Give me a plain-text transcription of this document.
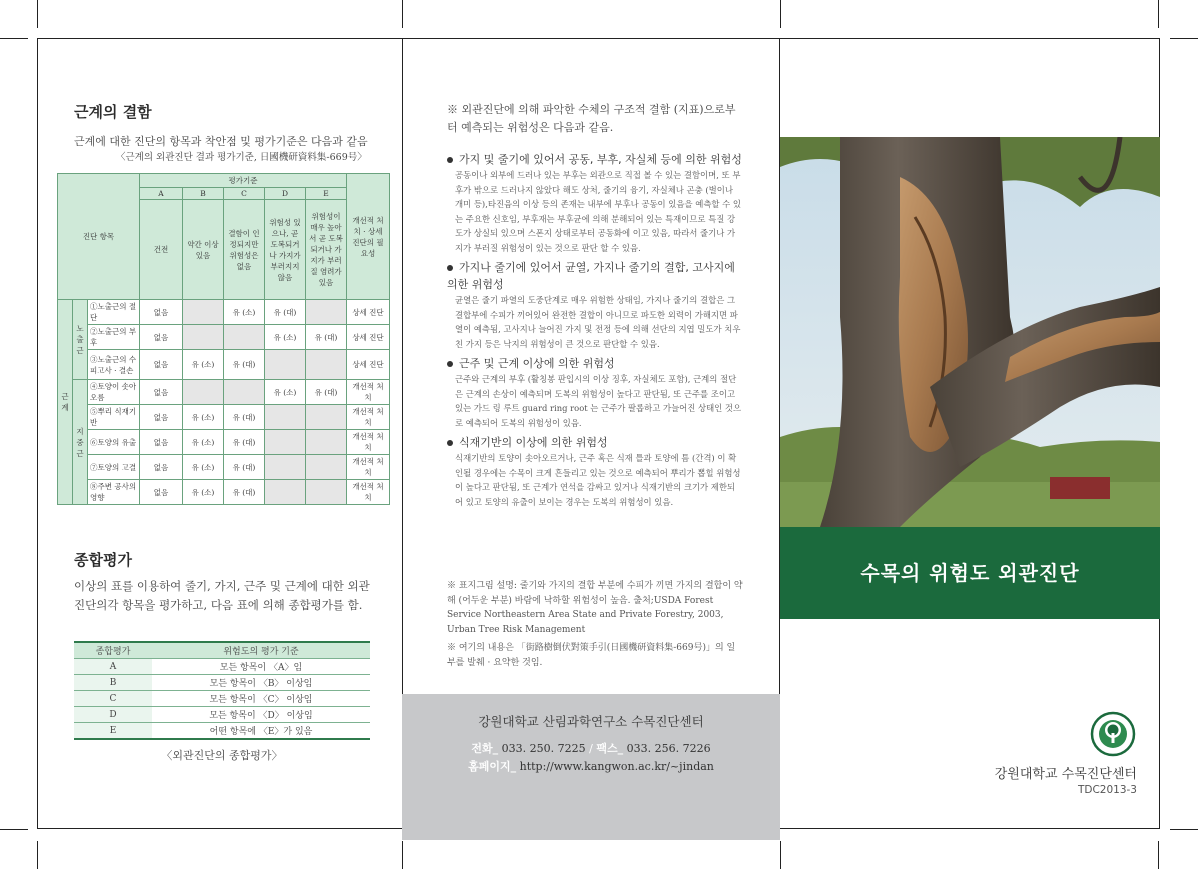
근계의 결함
근계에 대한 진단의 항목과 착안점 및 평가기준은 다음과 같음
〈근계의 외관진단 결과 평가기준, 日國機研資料集-669号〉
진단 항목			평가기준					개선적 처치 · 상세 진단의 필요성
			A	B	C	D	E	
			건전	약간 이상 있음	결함이 인정되지만 위험성은 없음	위험성 있으나, 곧 도복되거나 가지가 부러지지 않음	위험성이 매우 높아서 곧 도복되거나 가지가 부러질 염려가 있음	
근계	노출근	①노출근의 절단	없음		유 (소)	유 (대)		상세 진단
		②노출근의 부후	없음			유 (소)	유 (대)	상세 진단
		③노출근의 수피고사 · 결손	없음	유 (소)	유 (대)			상세 진단
	지중근	④토양이 솟아오름	없음			유 (소)	유 (대)	개선적 처치
		⑤뿌리 식재기반	없음	유 (소)	유 (대)			개선적 처치
		⑥토양의 유출	없음	유 (소)	유 (대)			개선적 처치
		⑦토양의 고결	없음	유 (소)	유 (대)			개선적 처치
		⑧주변 공사의 영향	없음	유 (소)	유 (대)			개선적 처치
종합평가
이상의 표를 이용하여 줄기, 가지, 근주 및 근계에 대한 외관 진단의각 항목을 평가하고, 다음 표에 의해 종합평가를 함.
종합평가	위험도의 평가 기준
A	모든 항목이 〈A〉임
B	모든 항목이 〈B〉 이상임
C	모든 항목이 〈C〉 이상임
D	모든 항목이 〈D〉 이상임
E	어떤 항목에 〈E〉가 있음
〈외관진단의 종합평가〉
※ 외관진단에 의해 파악한 수체의 구조적 결함 (지표)으로부터 예측되는 위험성은 다음과 같음.
가지 및 줄기에 있어서 공동, 부후, 자실체 등에 의한 위험성
공동이나 외부에 드러나 있는 부후는 외관으로 직접 볼 수 있는 결함이며, 또 부후가 밖으로 드러나지 않았다 해도 상처, 줄기의 융기, 자실체나 곤충 (벌이나 개미 등),타진음의 이상 등의 존재는 내부에 부후나 공동이 있음을 예측할 수 있는 주요한 신호임, 부후재는 부후균에 의해 분해되어 있는 특재이므로 특질 강도가 상실되 있으며 스폰지 상태로부터 공동화에 이고 있음, 따라서 줄기나 가지가 부러질 위험성이 있는 것으로 판단 할 수 있음.
가지나 줄기에 있어서 균열, 가지나 줄기의 결합, 고사지에 의한 위험성
균열은 줄기 파열의 도중단계로 매우 위험한 상태임, 가지나 줄기의 결합은 그 결합부에 수피가 끼어있어 완전한 결합이 아니므로 파도한 외력이 가해지면 파열이 예측됨, 고사지나 늘어진 가지 및 전정 등에 의해 선단의 지엽 밀도가 치우친 가지 등은 낙지의 위험성이 큰 것으로 판단할 수 있음.
근주 및 근계 이상에 의한 위험성
근주와 근계의 부후 (활칭봉 판입시의 이상 징후, 자실체도 포함), 근계의 절단은 근계의 손상이 예측되며 도복의 위험성이 높다고 판단됨, 또 근주를 조이고 있는 가드 링 루트 guard ring root 는 근주가 팔롭하고 가늘어진 상태인 것으로 예측되어 도복의 위험성이 있음.
식재기반의 이상에 의한 위험성
식재기반의 토양이 솟아오르거나, 근주 혹은 식재 틀과 토양에 틈 (간격) 이 확인될 경우에는 수목이 크게 흔들리고 있는 것으로 예측되어 뿌리가 뽑힐 위험성이 높다고 판단됨, 또 근계가 연석을 감싸고 있거나 식재기반의 크기가 제한되어 있고 토양의 유출이 보이는 경우는 도복의 위험성이 있음.
※ 표지그림 설명: 줄기와 가지의 결합 부분에 수피가 끼면 가지의 결합이 약해 (어두운 부분) 바람에 낙하할 위험성이 높음. 출처;USDA Forest Service Northeastern Area State and Private Forestry, 2003, Urban Tree Risk Management
※ 여기의 내용은 「街路樹倒伏對策手引(日國機研資料集-669号)」의 일부를 발췌 · 요약한 것임.
강원대학교 산림과학연구소 수목진단센터
전화_ 033. 250. 7225 / 팩스_ 033. 256. 7226
홈페이지_ http://www.kangwon.ac.kr/~jindan
수목의 위험도 외관진단
강원대학교 수목진단센터
TDC2013-3
